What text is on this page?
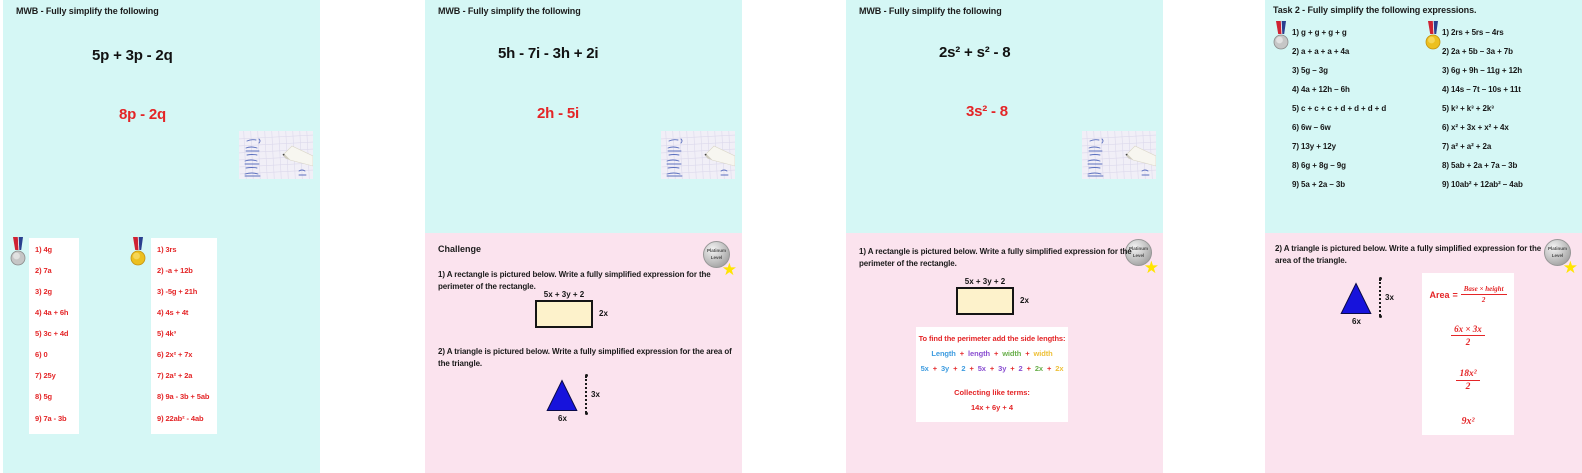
MWB - Fully simplify the following
5p + 3p - 2q
8p - 2q
1) 4g
2) 7a
3) 2g
4) 4a + 6h
5) 3c + 4d
6) 0
7) 25y
8) 5g
9) 7a - 3b
1) 3rs
2) -a + 12b
3) -5g + 21h
4) 4s + 4t
5) 4k³
6) 2x² + 7x
7) 2a² + 2a
8) 9a - 3b + 5ab
9) 22ab² - 4ab
MWB - Fully simplify the following
5h - 7i - 3h + 2i
2h - 5i
Challenge	Platinum
Level
★
1) A rectangle is pictured below. Write a fully simplified expression for the perimeter of the rectangle.
5x + 3y + 2
2x
2) A triangle is pictured below. Write a fully simplified expression for the area of the triangle.
6x
3x
MWB - Fully simplify the following
2s² + s² - 8
3s² - 8
Platinum
Level
★
1) A rectangle is pictured below. Write a fully simplified expression for the perimeter of the rectangle.
5x + 3y + 2
2x
To find the perimeter add the side lengths:
Length + length + width + width
5x + 3y + 2 + 5x + 3y + 2 + 2x + 2x
Collecting like terms:
14x + 6y + 4
Task 2 - Fully simplify the following expressions.
1) g + g + g + g
2) a + a + a + 4a
3) 5g – 3g
4) 4a + 12h – 6h
5) c + c + c + d + d + d + d
6) 6w – 6w
7) 13y + 12y
8) 6g + 8g – 9g
9) 5a + 2a – 3b
1) 2rs + 5rs – 4rs
2) 2a + 5b – 3a + 7b
3) 6g + 9h – 11g + 12h
4) 14s – 7t – 10s + 11t
5) k³ + k³ + 2k³
6) x² + 3x + x² + 4x
7) a² + a² + 2a
8) 5ab + 2a + 7a – 3b
9) 10ab² + 12ab² – 4ab
Platinum
Level
★
2) A triangle is pictured below. Write a fully simplified expression for the area of the triangle.
6x
3x	Area = $\frac{\text{Base × height}}{2}$
$\frac{6x \times 3x}{2}$
$\frac{\text{18x²}}{2}$
9x²
